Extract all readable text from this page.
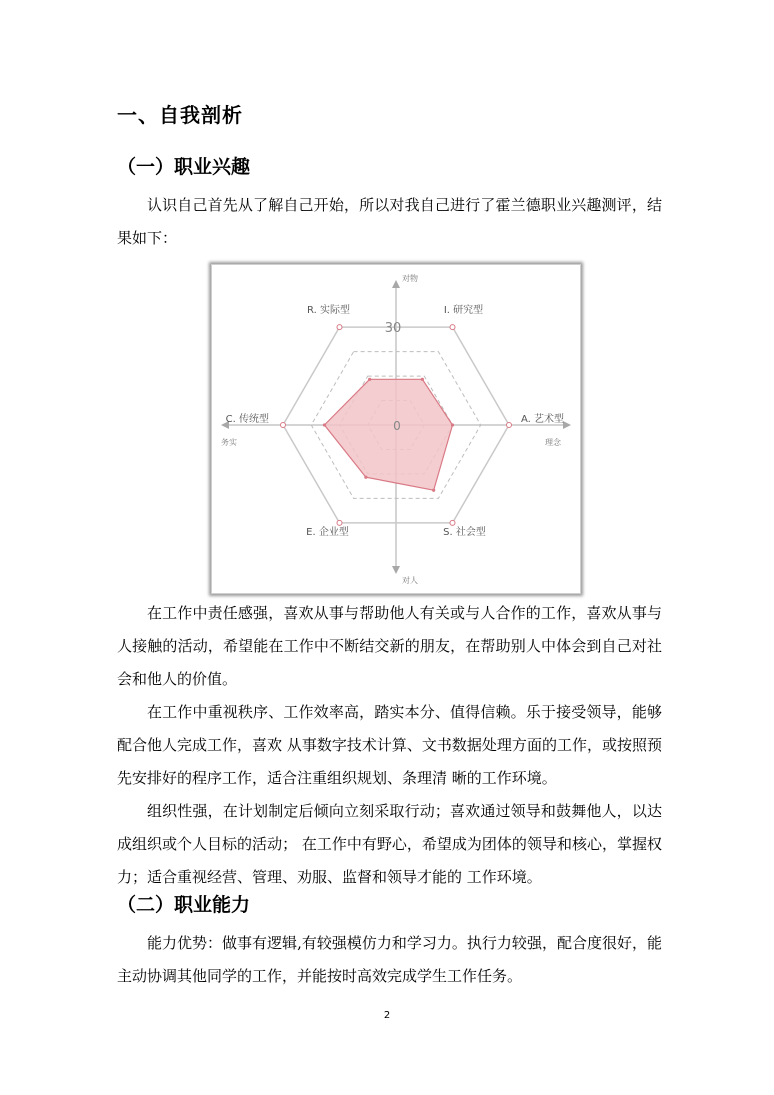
一、自我剖析
（一）职业兴趣

认识自己首先从了解自己开始，所以对我自己进行了霍兰德职业兴趣测评，结果如下：

30
0
R. 实际型	I. 研究型
A. 艺术型
S. 社会型
E. 企业型
C. 传统型
对物
对人
务实	理念

在工作中责任感强，喜欢从事与帮助他人有关或与人合作的工作，喜欢从事与人接触的活动，希望能在工作中不断结交新的朋友，在帮助别人中体会到自己对社会和他人的价值。

在工作中重视秩序、工作效率高，踏实本分、值得信赖。乐于接受领导，能够配合他人完成工作，喜欢 从事数字技术计算、文书数据处理方面的工作，或按照预先安排好的程序工作，适合注重组织规划、条理清 晰的工作环境。

组织性强，在计划制定后倾向立刻采取行动；喜欢通过领导和鼓舞他人，以达成组织或个人目标的活动； 在工作中有野心，希望成为团体的领导和核心，掌握权力；适合重视经营、管理、劝服、监督和领导才能的 工作环境。

（二）职业能力

能力优势：做事有逻辑,有较强模仿力和学习力。执行力较强，配合度很好，能主动协调其他同学的工作，并能按时高效完成学生工作任务。

2
